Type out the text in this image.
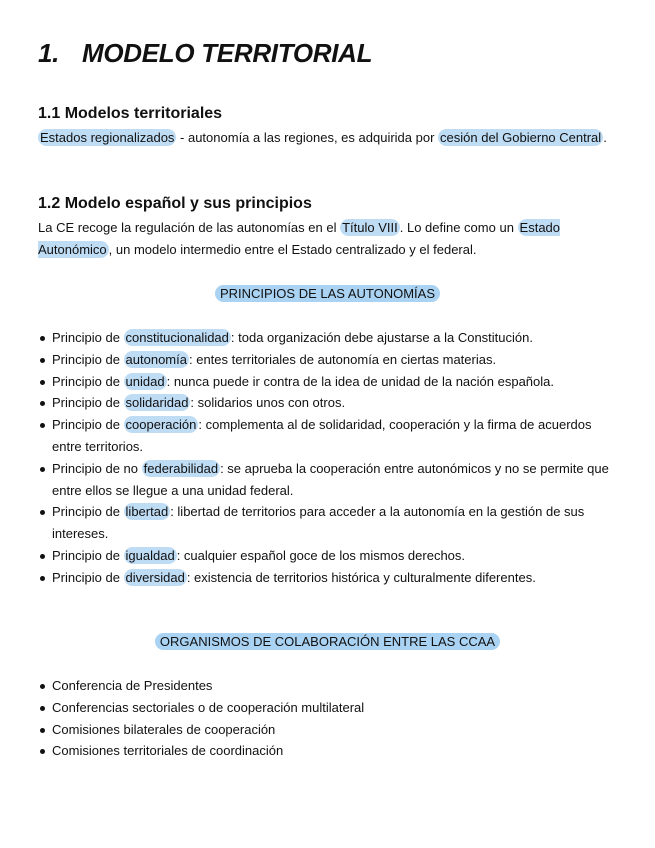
1. MODELO TERRITORIAL
1.1 Modelos territoriales

Estados regionalizados - autonomía a las regiones, es adquirida por cesión del Gobierno Central .

1.2 Modelo español y sus principios

La CE recoge la regulación de las autonomías en el Título VIII . Lo define como un Estado Autonómico , un modelo intermedio entre el Estado centralizado y el federal.

PRINCIPIOS DE LAS AUTONOMÍAS

Principio de constitucionalidad : toda organización debe ajustarse a la Constitución.
Principio de autonomía : entes territoriales de autonomía en ciertas materias.
Principio de unidad : nunca puede ir contra de la idea de unidad de la nación española.
Principio de solidaridad : solidarios unos con otros.
Principio de cooperación : complementa al de solidaridad, cooperación y la firma de acuerdos entre territorios.
Principio de no federabilidad : se aprueba la cooperación entre autonómicos y no se permite que entre ellos se llegue a una unidad federal.
Principio de libertad : libertad de territorios para acceder a la autonomía en la gestión de sus intereses.
Principio de igualdad : cualquier español goce de los mismos derechos.
Principio de diversidad : existencia de territorios histórica y culturalmente diferentes.

ORGANISMOS DE COLABORACIÓN ENTRE LAS CCAA

Conferencia de Presidentes
Conferencias sectoriales o de cooperación multilateral
Comisiones bilaterales de cooperación
Comisiones territoriales de coordinación
